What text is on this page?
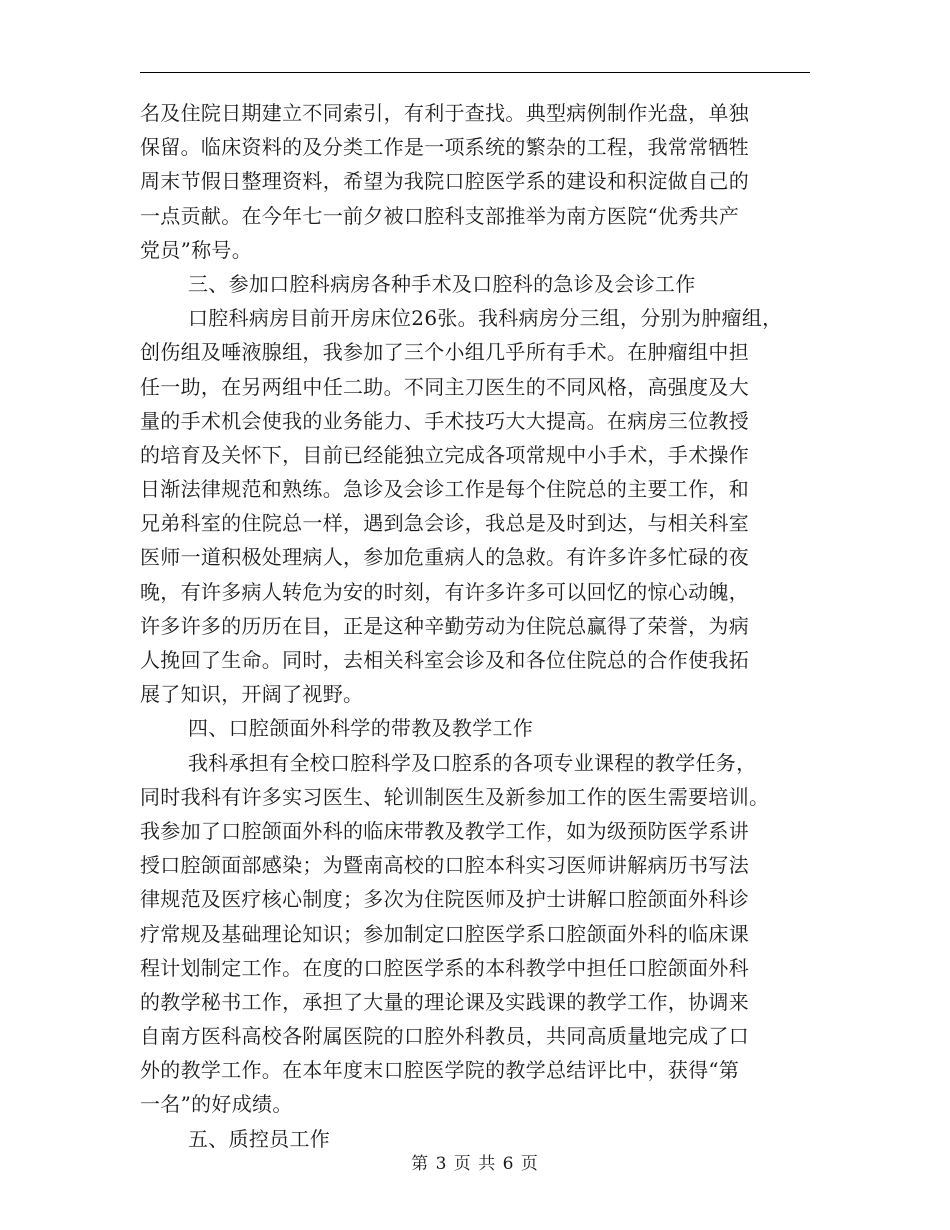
名及住院日期建立不同索引，有利于查找。典型病例制作光盘，单独
保留。临床资料的及分类工作是一项系统的繁杂的工程，我常常牺牲
周末节假日整理资料，希望为我院口腔医学系的建设和积淀做自己的
一点贡献。在今年七一前夕被口腔科支部推举为南方医院“优秀共产
党员”称号。
三、参加口腔科病房各种手术及口腔科的急诊及会诊工作
口腔科病房目前开房床位26张。我科病房分三组，分别为肿瘤组，
创伤组及唾液腺组，我参加了三个小组几乎所有手术。在肿瘤组中担
任一助，在另两组中任二助。不同主刀医生的不同风格，高强度及大
量的手术机会使我的业务能力、手术技巧大大提高。在病房三位教授
的培育及关怀下，目前已经能独立完成各项常规中小手术，手术操作
日渐法律规范和熟练。急诊及会诊工作是每个住院总的主要工作，和
兄弟科室的住院总一样，遇到急会诊，我总是及时到达，与相关科室
医师一道积极处理病人，参加危重病人的急救。有许多许多忙碌的夜
晚，有许多病人转危为安的时刻，有许多许多可以回忆的惊心动魄，
许多许多的历历在目，正是这种辛勤劳动为住院总赢得了荣誉，为病
人挽回了生命。同时，去相关科室会诊及和各位住院总的合作使我拓
展了知识，开阔了视野。
四、口腔颌面外科学的带教及教学工作
我科承担有全校口腔科学及口腔系的各项专业课程的教学任务，
同时我科有许多实习医生、轮训制医生及新参加工作的医生需要培训。
我参加了口腔颌面外科的临床带教及教学工作，如为级预防医学系讲
授口腔颌面部感染；为暨南高校的口腔本科实习医师讲解病历书写法
律规范及医疗核心制度；多次为住院医师及护士讲解口腔颌面外科诊
疗常规及基础理论知识；参加制定口腔医学系口腔颌面外科的临床课
程计划制定工作。在度的口腔医学系的本科教学中担任口腔颌面外科
的教学秘书工作，承担了大量的理论课及实践课的教学工作，协调来
自南方医科高校各附属医院的口腔外科教员，共同高质量地完成了口
外的教学工作。在本年度末口腔医学院的教学总结评比中，获得“第
一名”的好成绩。
五、质控员工作
第 3 页 共 6 页
